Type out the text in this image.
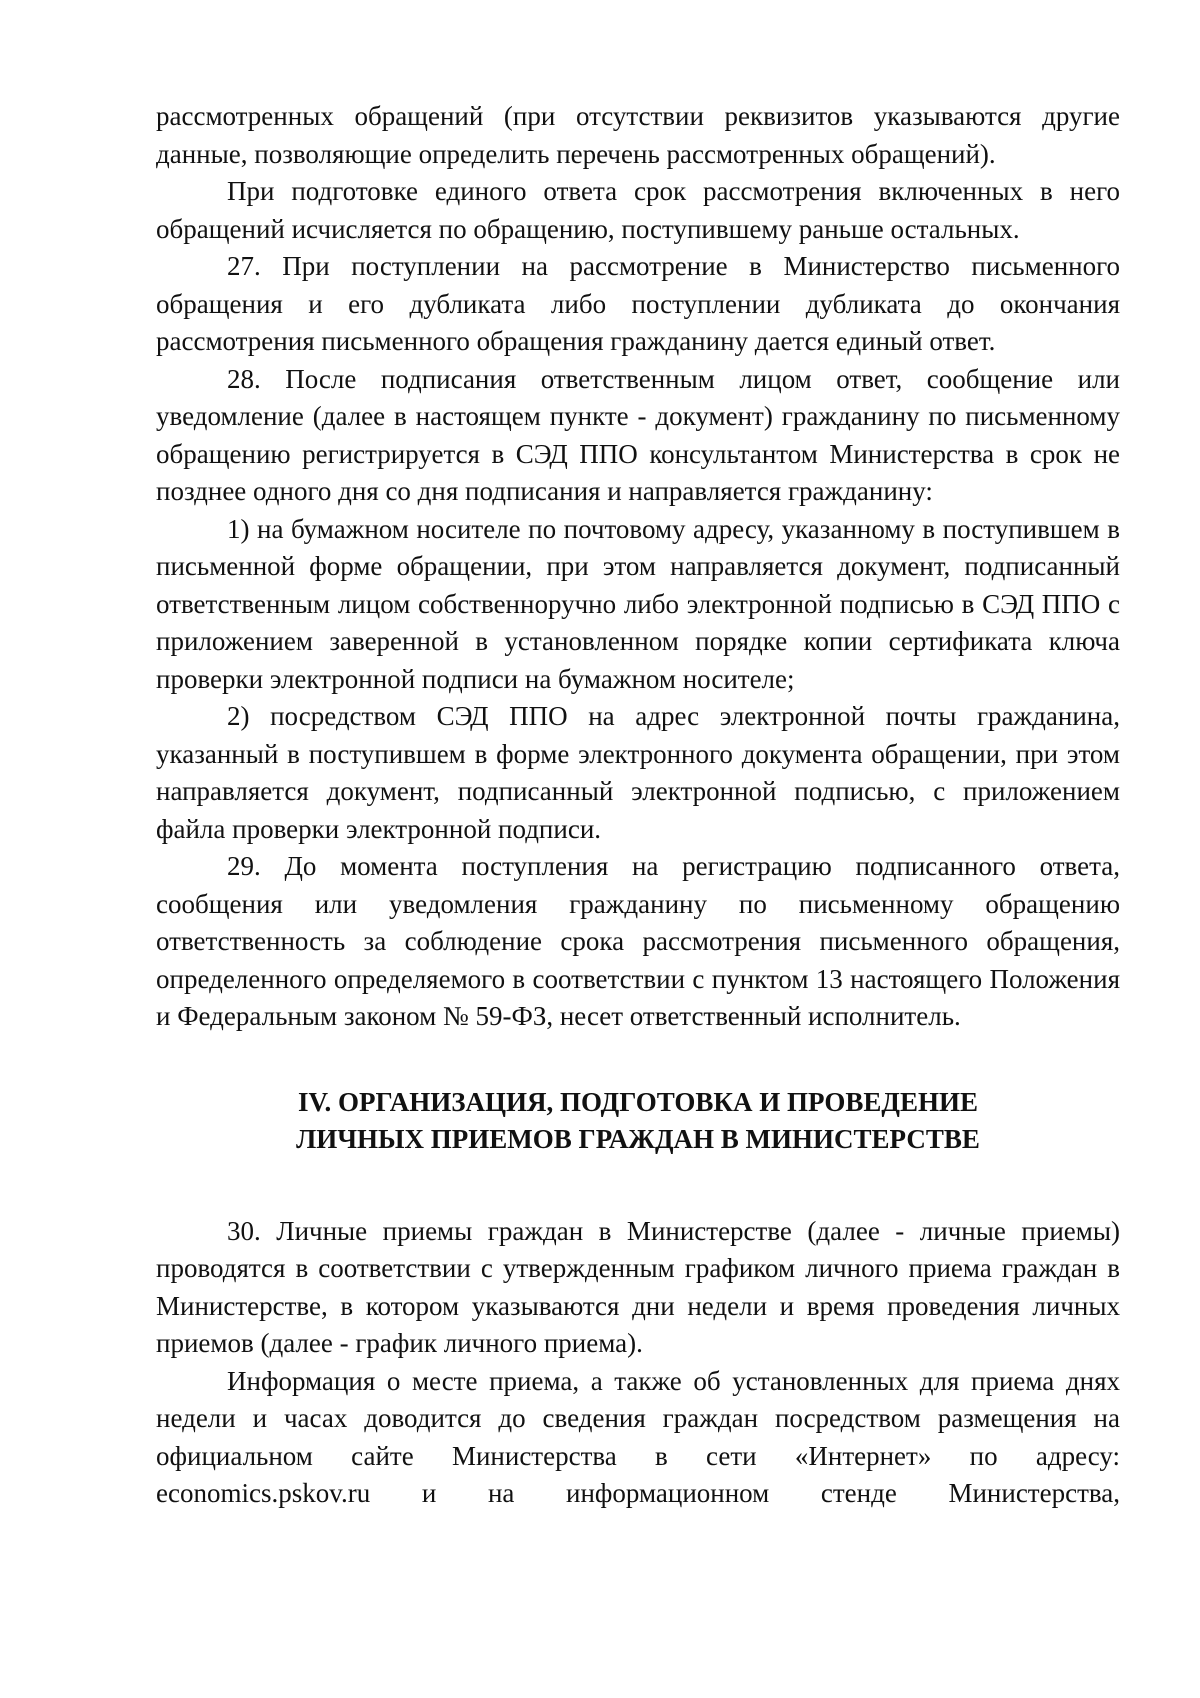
рассмотренных обращений (при отсутствии реквизитов указываются другие данные, позволяющие определить перечень рассмотренных обращений).

При подготовке единого ответа срок рассмотрения включенных в него обращений исчисляется по обращению, поступившему раньше остальных.

27. При поступлении на рассмотрение в Министерство письменного обращения и его дубликата либо поступлении дубликата до окончания рассмотрения письменного обращения гражданину дается единый ответ.

28. После подписания ответственным лицом ответ, сообщение или уведомление (далее в настоящем пункте - документ) гражданину по письменному обращению регистрируется в СЭД ППО консультантом Министерства в срок не позднее одного дня со дня подписания и направляется гражданину:

1) на бумажном носителе по почтовому адресу, указанному в поступившем в письменной форме обращении, при этом направляется документ, подписанный ответственным лицом собственноручно либо электронной подписью в СЭД ППО с приложением заверенной в установленном порядке копии сертификата ключа проверки электронной подписи на бумажном носителе;

2) посредством СЭД ППО на адрес электронной почты гражданина, указанный в поступившем в форме электронного документа обращении, при этом направляется документ, подписанный электронной подписью, с приложением файла проверки электронной подписи.

29. До момента поступления на регистрацию подписанного ответа, сообщения или уведомления гражданину по письменному обращению ответственность за соблюдение срока рассмотрения письменного обращения, определенного определяемого в соответствии с пунктом 13 настоящего Положения и Федеральным законом № 59-ФЗ, несет ответственный исполнитель.

IV. ОРГАНИЗАЦИЯ, ПОДГОТОВКА И ПРОВЕДЕНИЕ
ЛИЧНЫХ ПРИЕМОВ ГРАЖДАН В МИНИСТЕРСТВЕ

30. Личные приемы граждан в Министерстве (далее - личные приемы) проводятся в соответствии с утвержденным графиком личного приема граждан в Министерстве, в котором указываются дни недели и время проведения личных приемов (далее - график личного приема).

Информация о месте приема, а также об установленных для приема днях недели и часах доводится до сведения граждан посредством размещения на официальном сайте Министерства в сети «Интернет» по адресу: economics.pskov.ru и на информационном стенде Министерства,
